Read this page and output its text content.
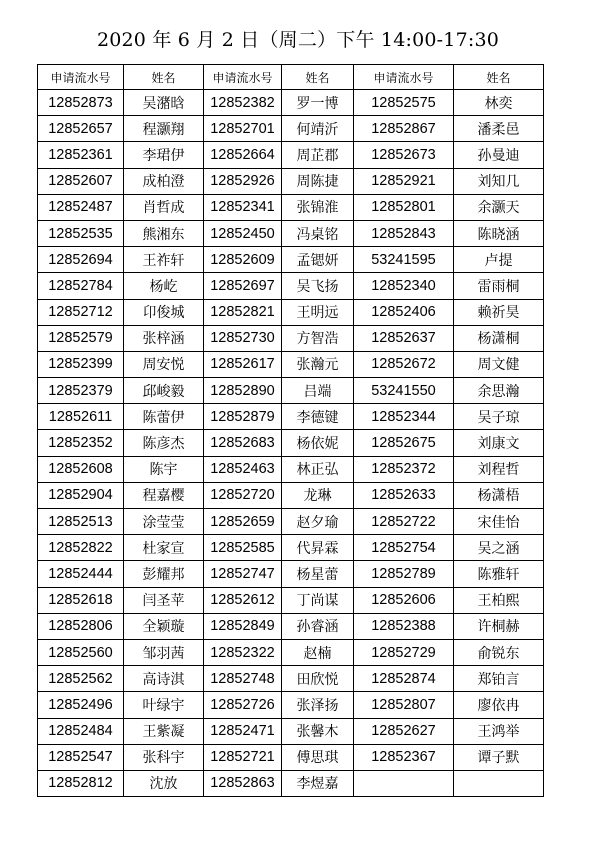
2020 年 6 月 2 日（周二）下午 14:00-17:30
申请流水号	姓名	申请流水号	姓名	申请流水号	姓名
12852873	吴潴晗	12852382	罗一博	12852575	林奕
12852657	程灏翔	12852701	何靖沂	12852867	潘柔邑
12852361	李珺伊	12852664	周芷郡	12852673	孙曼迪
12852607	成柏澄	12852926	周陈捷	12852921	刘知几
12852487	肖哲成	12852341	张锦淮	12852801	余灏天
12852535	熊湘东	12852450	冯桌铭	12852843	陈晓涵
12852694	王祚轩	12852609	孟锶妍	53241595	卢提
12852784	杨屹	12852697	吴飞扬	12852340	雷雨桐
12852712	卬俊城	12852821	王明远	12852406	赖祈昊
12852579	张梓涵	12852730	方智浩	12852637	杨潇桐
12852399	周安悦	12852617	张瀚元	12852672	周文健
12852379	邱峻毅	12852890	吕端	53241550	余思瀚
12852611	陈蕾伊	12852879	李德键	12852344	吴子琼
12852352	陈彦杰	12852683	杨依妮	12852675	刘康文
12852608	陈宇	12852463	林正弘	12852372	刘程哲
12852904	程嘉樱	12852720	龙琳	12852633	杨潇梧
12852513	涂莹莹	12852659	赵夕瑜	12852722	宋佳怡
12852822	杜家宣	12852585	代昇霖	12852754	吴之涵
12852444	彭耀邦	12852747	杨星蕾	12852789	陈雅轩
12852618	闫圣苹	12852612	丁尚谋	12852606	王柏熙
12852806	全颖璇	12852849	孙睿涵	12852388	许桐赫
12852560	邹羽茜	12852322	赵楠	12852729	俞锐东
12852562	高诗淇	12852748	田欣悦	12852874	郑铂言
12852496	叶绿宇	12852726	张泽扬	12852807	廖依冉
12852484	王紫凝	12852471	张馨木	12852627	王鸿举
12852547	张科宇	12852721	傅思琪	12852367	谭子默
12852812	沈放	12852863	李煜嘉		
